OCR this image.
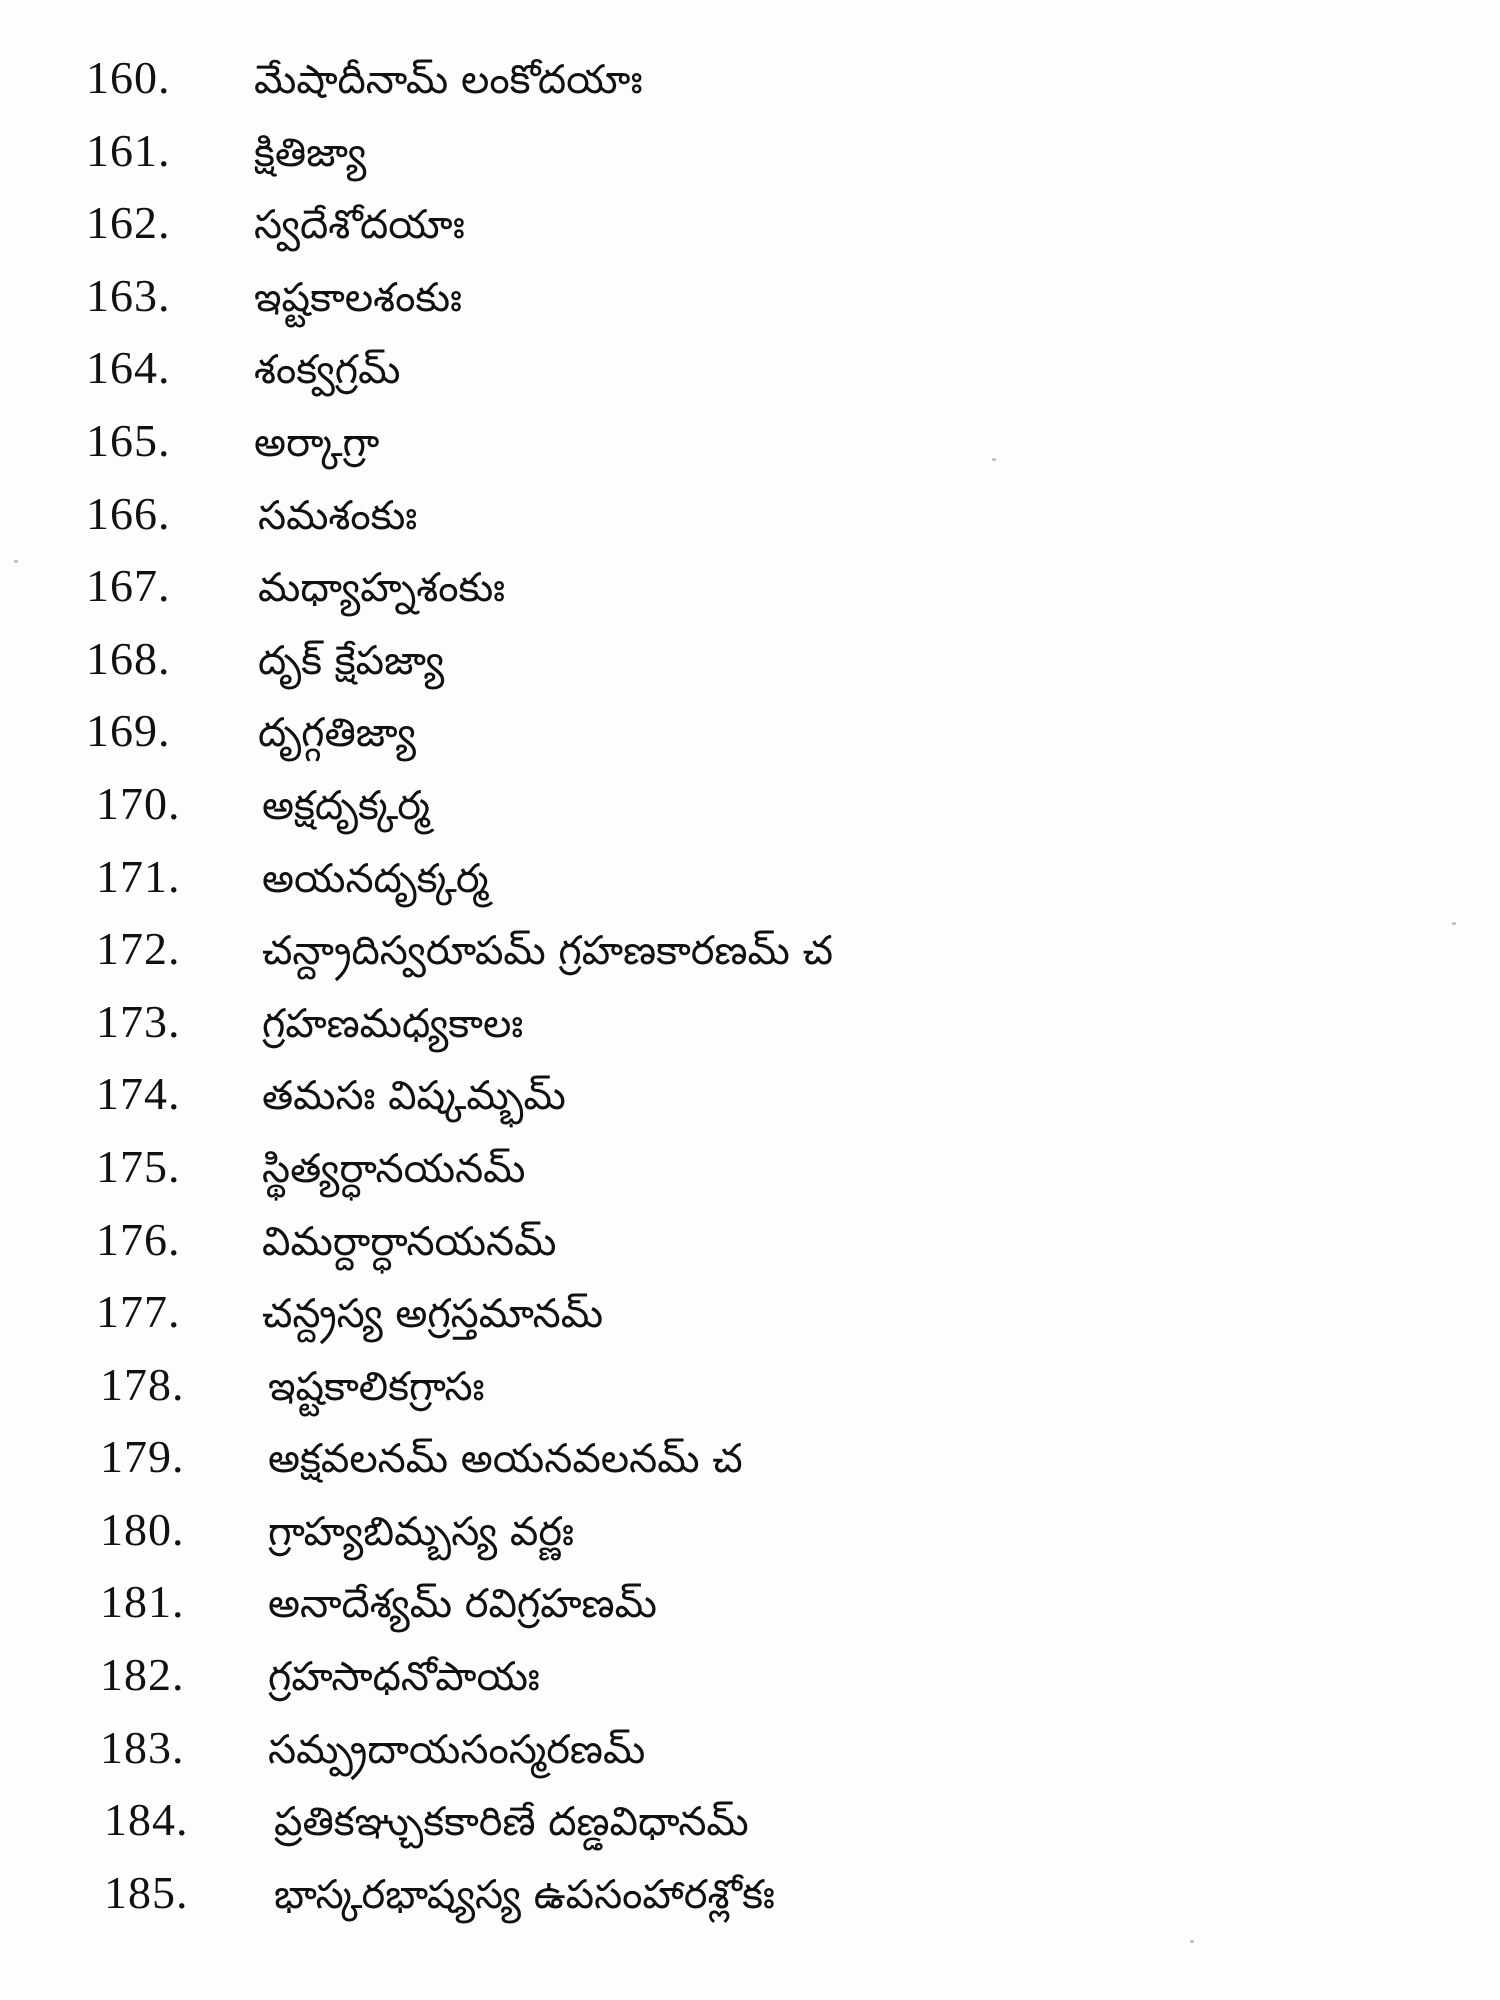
160.	మేషాదీనామ్ లంకోదయాః
161.	క్షితిజ్యా
162.	స్వదేశోదయాః
163.	ఇష్టకాలశంకుః
164.	శంక్వగ్రమ్
165.	అర్కాగ్రా
166.	సమశంకుః
167.	మధ్యాహ్నశంకుః
168.	దృక్ క్షేపజ్యా
169.	దృగ్గతిజ్యా
170.	అక్షదృక్కర్మ
171.	అయనదృక్కర్మ
172.	చన్ద్రాదిస్వరూపమ్ గ్రహణకారణమ్ చ
173.	గ్రహణమధ్యకాలః
174.	తమసః విష్కమ్భమ్
175.	స్థిత్యర్ధానయనమ్
176.	విమర్దార్ధానయనమ్
177.	చన్ద్రస్య అగ్రస్తమానమ్
178.	ఇష్టకాలికగ్రాసః
179.	అక్షవలనమ్ అయనవలనమ్ చ
180.	గ్రాహ్యబిమ్బస్య వర్ణః
181.	అనాదేశ్యమ్ రవిగ్రహణమ్
182.	గ్రహసాధనోపాయః
183.	సమ్ప్రదాయసంస్మరణమ్
184.	ప్రతికఞ్చుకకారిణే దణ్డవిధానమ్
185.	భాస్కరభాష్యస్య ఉపసంహారశ్లోకః
